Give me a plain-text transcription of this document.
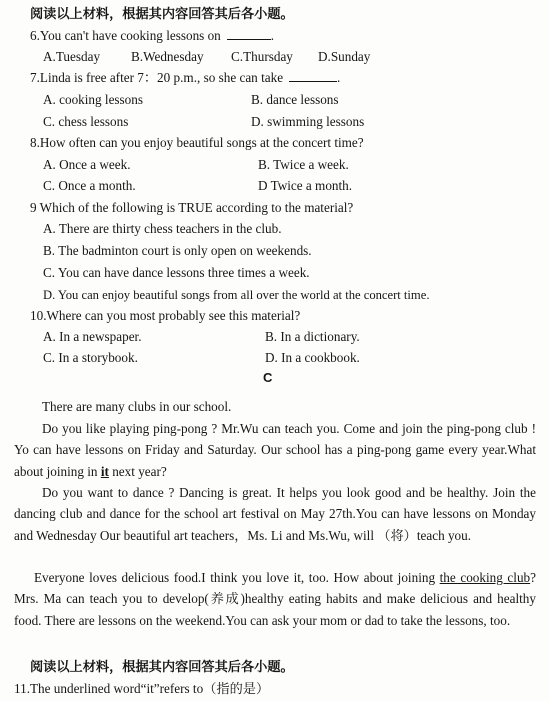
阅读以上材料，根据其内容回答其后各小题。
6.You can't have cooking lessons on	.
A.Tuesday B.Wednesday C.Thursday D.Sunday
7.Linda is free after 7：20 p.m., so she can take	.
A. cooking lessons	B. dance lessons
C. chess lessons	D. swimming lessons
8.How often can you enjoy beautiful songs at the concert time?
A. Once a week.	B. Twice a week.
C. Once a month.	D Twice a month.
9 Which of the following is TRUE according to the material?
A. There are thirty chess teachers in the club.
B. The badminton court is only open on weekends.
C. You can have dance lessons three times a week.
D. You can enjoy beautiful songs from all over the world at the concert time.
10.Where can you most probably see this material?
A. In a newspaper.	B. In a dictionary.
C. In a storybook.	D. In a cookbook.
C
There are many clubs in our school.
Do you like playing ping-pong ? Mr.Wu can teach you. Come and join the ping-pong club ! Yo can have lessons on Friday and Saturday. Our school has a ping-pong game every year.What about joining in it next year?
Do you want to dance ? Dancing is great. It helps you look good and be healthy. Join the dancing club and dance for the school art festival on May 27th.You can have lessons on Monday and Wednesday Our beautiful art teachers，Ms. Li and Ms.Wu, will （将）teach you.
Everyone loves delicious food.I think you love it, too. How about joining the cooking club? Mrs. Ma can teach you to develop(养成)healthy eating habits and make delicious and healthy food. There are lessons on the weekend.You can ask your mom or dad to take the lessons, too.
阅读以上材料，根据其内容回答其后各小题。
11.The underlined word“it”refers to（指的是）
